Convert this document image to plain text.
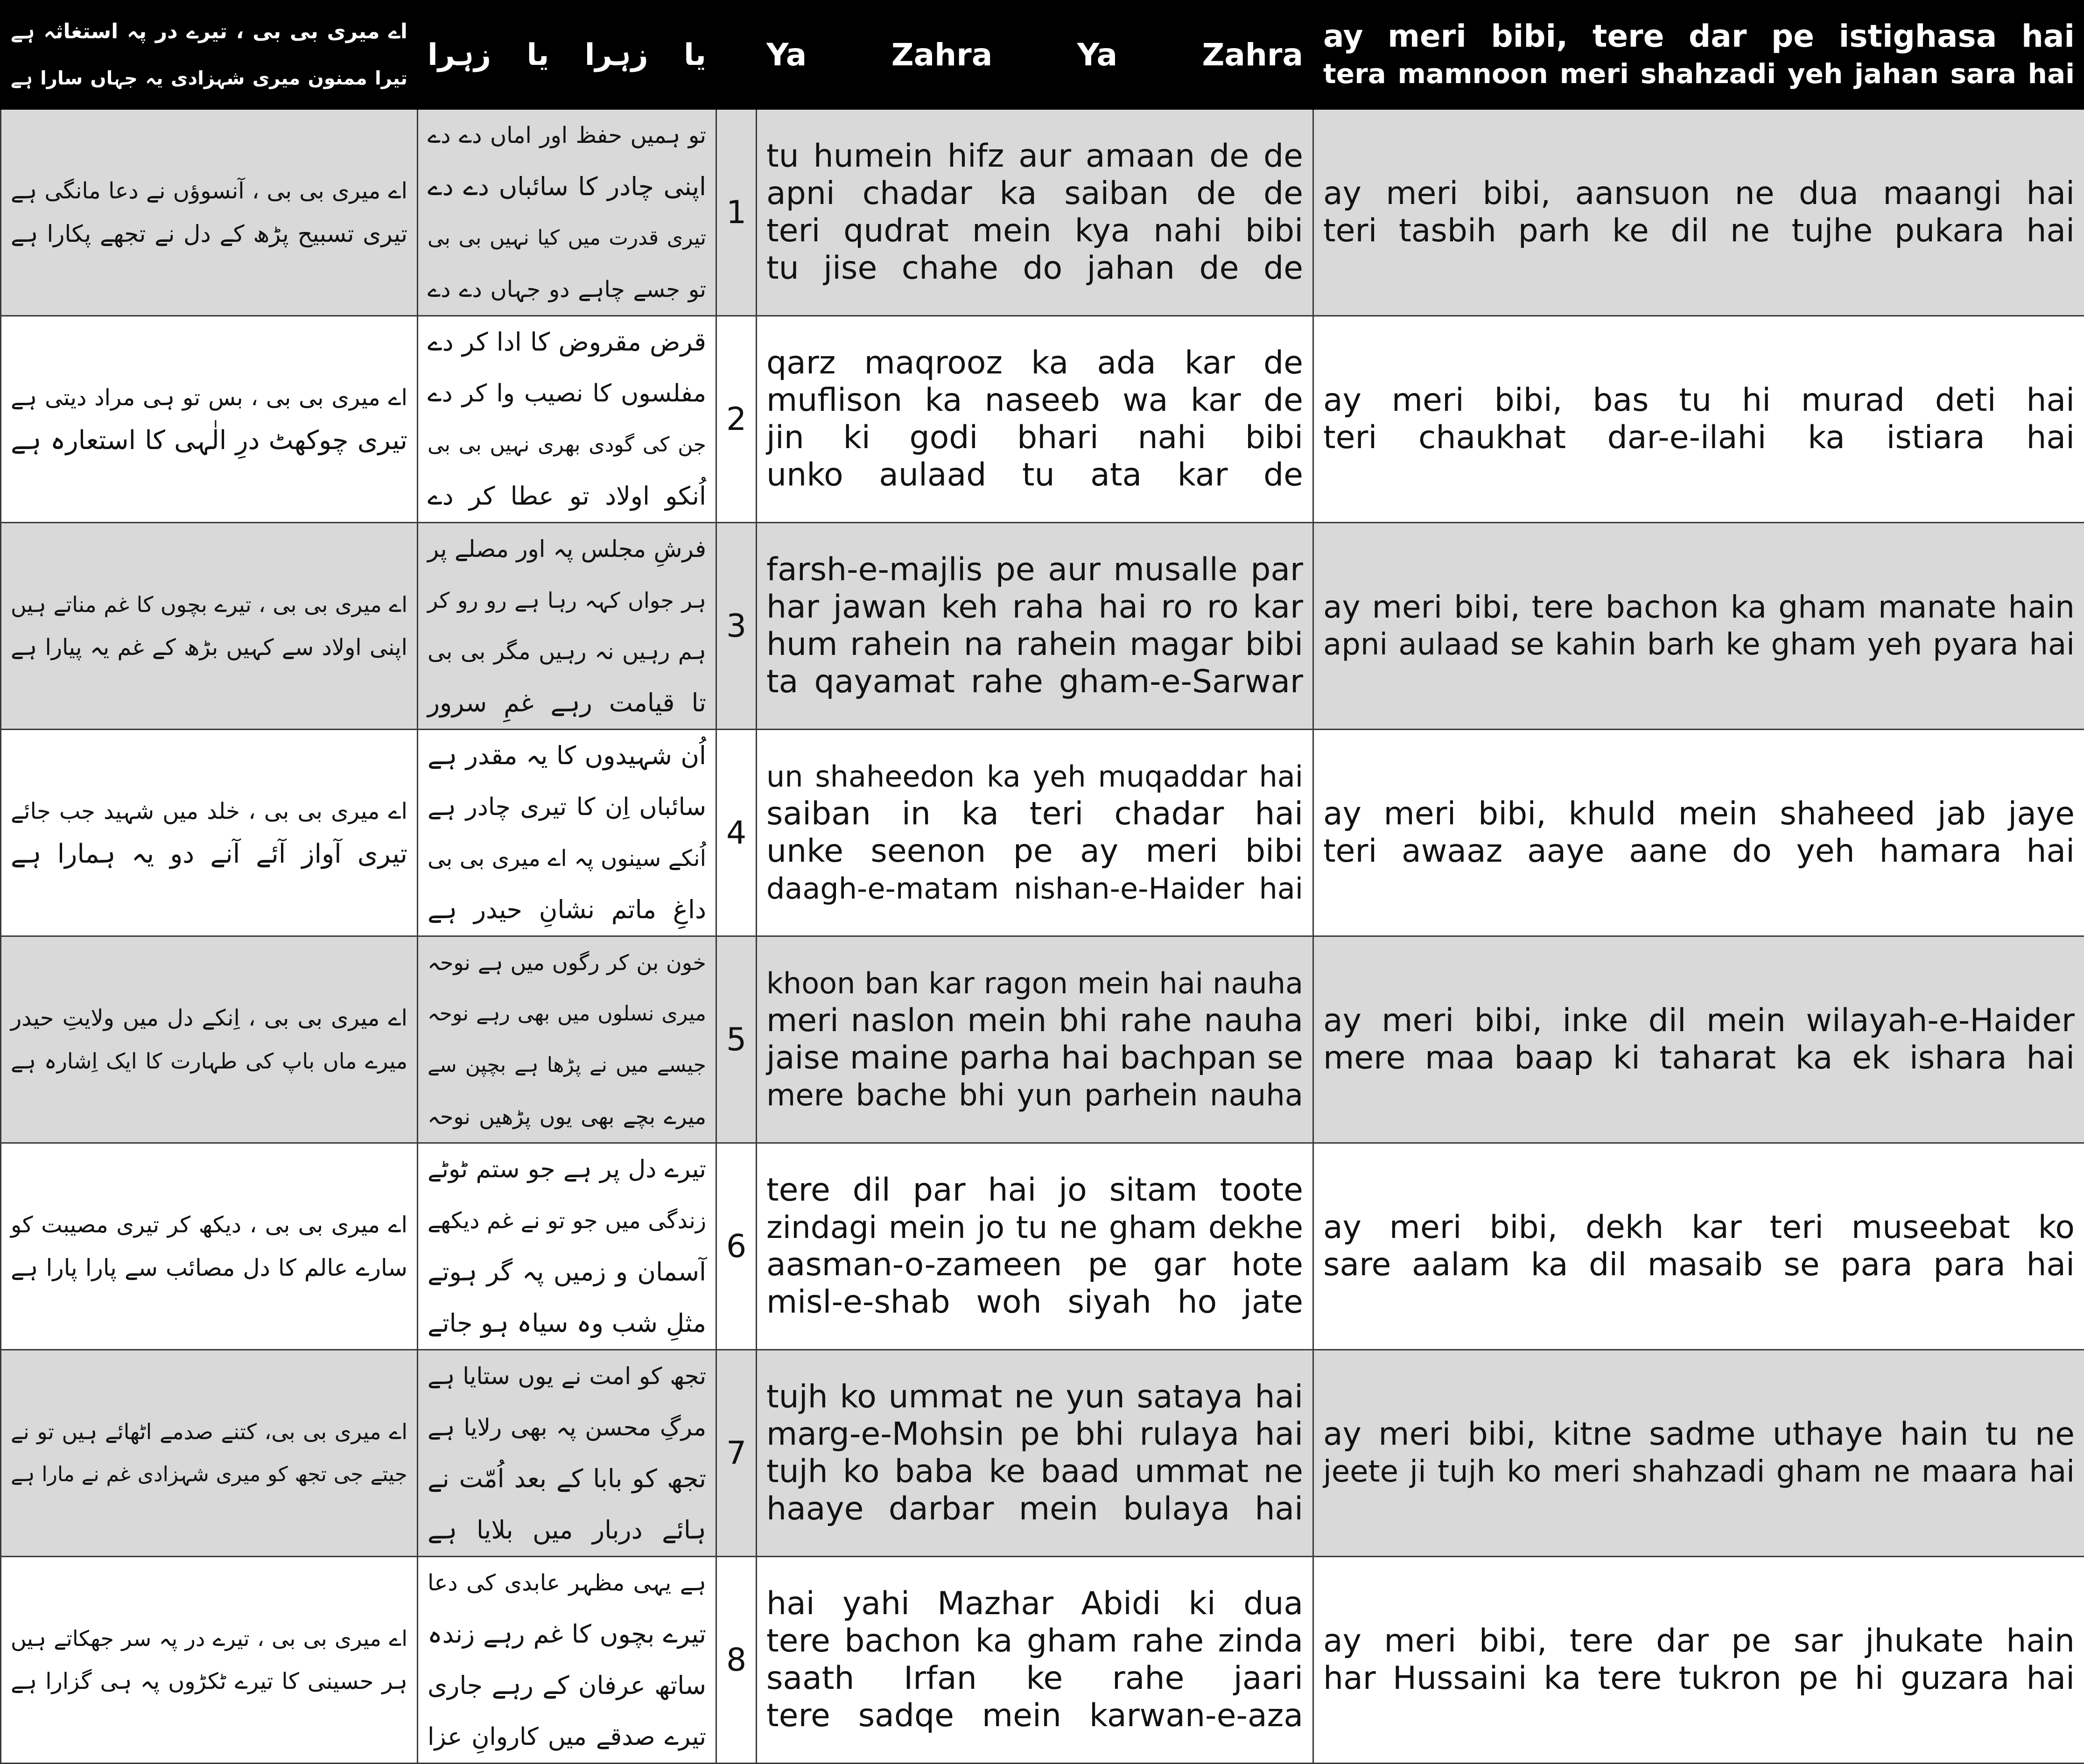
اے میری بی بی ، تیرے در پہ استغاثہ ہے
تیرا ممنون میری شہزادی یہ جہاں سارا ہے	یا زہرا یا زہرا		Ya Zahra Ya Zahra	ay meri bibi, tere dar pe istighasa hai
tera mamnoon meri shahzadi yeh jahan sara hai

اے میری بی بی ، آنسوؤں نے دعا مانگی ہے
تیری تسبیح پڑھ کے دل نے تجھے پکارا ہے	تو ہمیں حفظ اور اماں دے دے
اپنی چادر کا سائباں دے دے
تیری قدرت میں کیا نہیں بی بی
تو جسے چاہے دو جہاں دے دے	1	tu humein hifz aur amaan de de
apni chadar ka saiban de de
teri qudrat mein kya nahi bibi
tu jise chahe do jahan de de	ay meri bibi, aansuon ne dua maangi hai
teri tasbih parh ke dil ne tujhe pukara hai

اے میری بی بی ، بس تو ہی مراد دیتی ہے
تیری چوکھٹ درِ الٰہی کا استعارہ ہے	قرض مقروض کا ادا کر دے
مفلسوں کا نصیب وا کر دے
جن کی گودی بھری نہیں بی بی
اُنکو اولاد تو عطا کر دے	2	qarz maqrooz ka ada kar de
muflison ka naseeb wa kar de
jin ki godi bhari nahi bibi
unko aulaad tu ata kar de	ay meri bibi, bas tu hi murad deti hai
teri chaukhat dar-e-ilahi ka istiara hai

اے میری بی بی ، تیرے بچوں کا غم مناتے ہیں
اپنی اولاد سے کہیں بڑھ کے غم یہ پیارا ہے	فرشِ مجلس پہ اور مصلے پر
ہر جواں کہہ رہا ہے رو رو کر
ہم رہیں نہ رہیں مگر بی بی
تا قیامت رہے غمِ سرور	3	farsh-e-majlis pe aur musalle par
har jawan keh raha hai ro ro kar
hum rahein na rahein magar bibi
ta qayamat rahe gham-e-Sarwar	ay meri bibi, tere bachon ka gham manate hain
apni aulaad se kahin barh ke gham yeh pyara hai

اے میری بی بی ، خلد میں شہید جب جائے
تیری آواز آئے آنے دو یہ ہمارا ہے	اُن شہیدوں کا یہ مقدر ہے
سائباں اِن کا تیری چادر ہے
اُنکے سینوں پہ اے میری بی بی
داغِ ماتم نشانِ حیدر ہے	4	un shaheedon ka yeh muqaddar hai
saiban in ka teri chadar hai
unke seenon pe ay meri bibi
daagh-e-matam nishan-e-Haider hai	ay meri bibi, khuld mein shaheed jab jaye
teri awaaz aaye aane do yeh hamara hai

اے میری بی بی ، اِنکے دل میں ولایتِ حیدر
میرے ماں باپ کی طہارت کا ایک اِشارہ ہے	خون بن کر رگوں میں ہے نوحہ
میری نسلوں میں بھی رہے نوحہ
جیسے میں نے پڑھا ہے بچپن سے
میرے بچے بھی یوں پڑھیں نوحہ	5	khoon ban kar ragon mein hai nauha
meri naslon mein bhi rahe nauha
jaise maine parha hai bachpan se
mere bache bhi yun parhein nauha	ay meri bibi, inke dil mein wilayah-e-Haider
mere maa baap ki taharat ka ek ishara hai

اے میری بی بی ، دیکھ کر تیری مصیبت کو
سارے عالم کا دل مصائب سے پارا پارا ہے	تیرے دل پر ہے جو ستم ٹوٹے
زندگی میں جو تو نے غم دیکھے
آسمان و زمیں پہ گر ہوتے
مثلِ شب وہ سیاہ ہو جاتے	6	tere dil par hai jo sitam toote
zindagi mein jo tu ne gham dekhe
aasman-o-zameen pe gar hote
misl-e-shab woh siyah ho jate	ay meri bibi, dekh kar teri museebat ko
sare aalam ka dil masaib se para para hai

اے میری بی بی، کتنے صدمے اٹھائے ہیں تو نے
جیتے جی تجھ کو میری شہزادی غم نے مارا ہے	تجھ کو امت نے یوں ستایا ہے
مرگِ محسن پہ بھی رلایا ہے
تجھ کو بابا کے بعد اُمّت نے
ہائے دربار میں بلایا ہے	7	tujh ko ummat ne yun sataya hai
marg-e-Mohsin pe bhi rulaya hai
tujh ko baba ke baad ummat ne
haaye darbar mein bulaya hai	ay meri bibi, kitne sadme uthaye hain tu ne
jeete ji tujh ko meri shahzadi gham ne maara hai

اے میری بی بی ، تیرے در پہ سر جھکاتے ہیں
ہر حسینی کا تیرے ٹکڑوں پہ ہی گزارا ہے	ہے یہی مظہر عابدی کی دعا
تیرے بچوں کا غم رہے زندہ
ساتھ عرفان کے رہے جاری
تیرے صدقے میں کاروانِ عزا	8	hai yahi Mazhar Abidi ki dua
tere bachon ka gham rahe zinda
saath Irfan ke rahe jaari
tere sadqe mein karwan-e-aza	ay meri bibi, tere dar pe sar jhukate hain
har Hussaini ka tere tukron pe hi guzara hai
